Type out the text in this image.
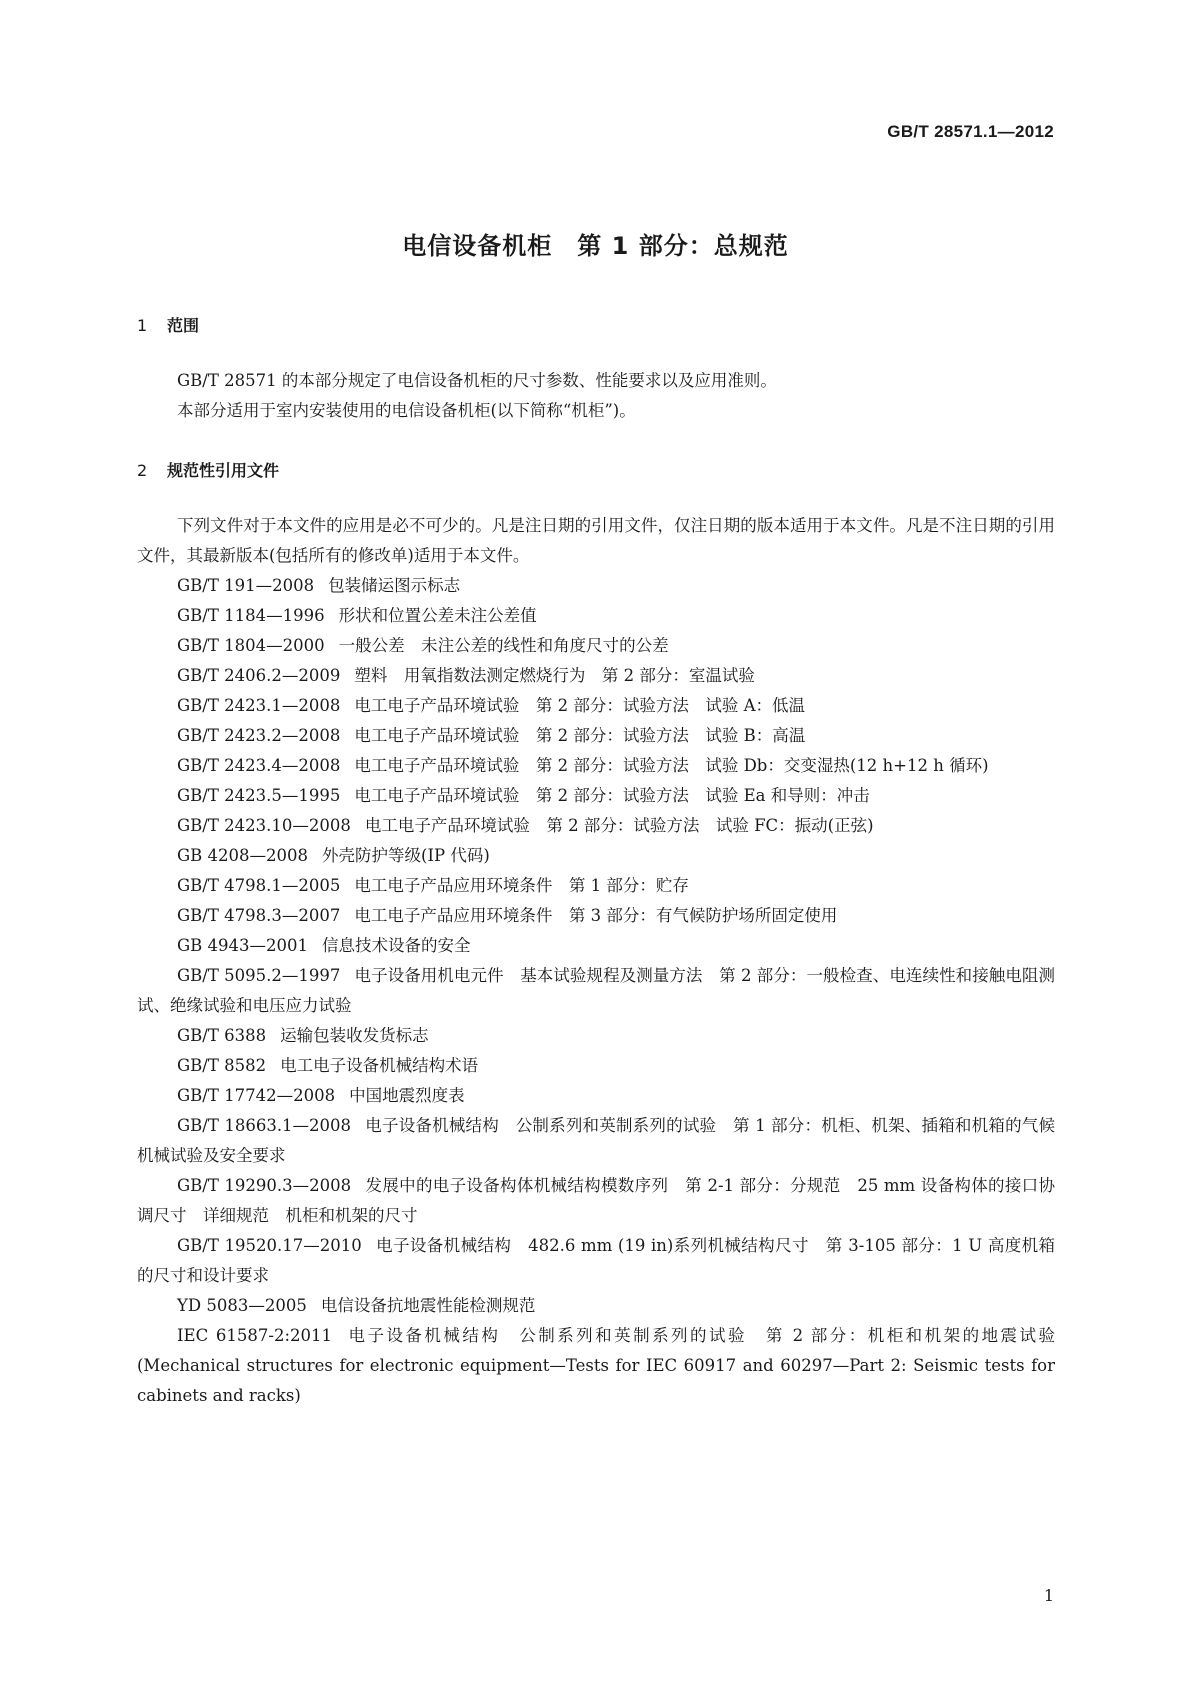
GB/T 28571.1—2012
电信设备机柜　第 1 部分：总规范
1 范围

GB/T 28571 的本部分规定了电信设备机柜的尺寸参数、性能要求以及应用准则。

本部分适用于室内安装使用的电信设备机柜(以下简称“机柜”)。

2 规范性引用文件

下列文件对于本文件的应用是必不可少的。凡是注日期的引用文件，仅注日期的版本适用于本文件。凡是不注日期的引用文件，其最新版本(包括所有的修改单)适用于本文件。

GB/T 191—2008 包装储运图示标志

GB/T 1184—1996 形状和位置公差未注公差值

GB/T 1804—2000 一般公差　未注公差的线性和角度尺寸的公差

GB/T 2406.2—2009 塑料　用氧指数法测定燃烧行为　第 2 部分：室温试验

GB/T 2423.1—2008 电工电子产品环境试验　第 2 部分：试验方法　试验 A：低温

GB/T 2423.2—2008 电工电子产品环境试验　第 2 部分：试验方法　试验 B：高温

GB/T 2423.4—2008 电工电子产品环境试验　第 2 部分：试验方法　试验 Db：交变湿热(12 h+12 h 循环)

GB/T 2423.5—1995 电工电子产品环境试验　第 2 部分：试验方法　试验 Ea 和导则：冲击

GB/T 2423.10—2008 电工电子产品环境试验　第 2 部分：试验方法　试验 FC：振动(正弦)

GB 4208—2008 外壳防护等级(IP 代码)

GB/T 4798.1—2005 电工电子产品应用环境条件　第 1 部分：贮存

GB/T 4798.3—2007 电工电子产品应用环境条件　第 3 部分：有气候防护场所固定使用

GB 4943—2001 信息技术设备的安全

GB/T 5095.2—1997 电子设备用机电元件　基本试验规程及测量方法　第 2 部分：一般检查、电连续性和接触电阻测试、绝缘试验和电压应力试验

GB/T 6388 运输包装收发货标志

GB/T 8582 电工电子设备机械结构术语

GB/T 17742—2008 中国地震烈度表

GB/T 18663.1—2008 电子设备机械结构　公制系列和英制系列的试验　第 1 部分：机柜、机架、插箱和机箱的气候机械试验及安全要求

GB/T 19290.3—2008 发展中的电子设备构体机械结构模数序列　第 2-1 部分：分规范　25 mm 设备构体的接口协调尺寸　详细规范　机柜和机架的尺寸

GB/T 19520.17—2010 电子设备机械结构　482.6 mm (19 in)系列机械结构尺寸　第 3-105 部分：1 U 高度机箱的尺寸和设计要求

YD 5083—2005 电信设备抗地震性能检测规范

IEC 61587-2:2011 电子设备机械结构　公制系列和英制系列的试验　第 2 部分：机柜和机架的地震试验(Mechanical structures for electronic equipment—Tests for IEC 60917 and 60297—Part 2: Seismic tests for cabinets and racks)

1
